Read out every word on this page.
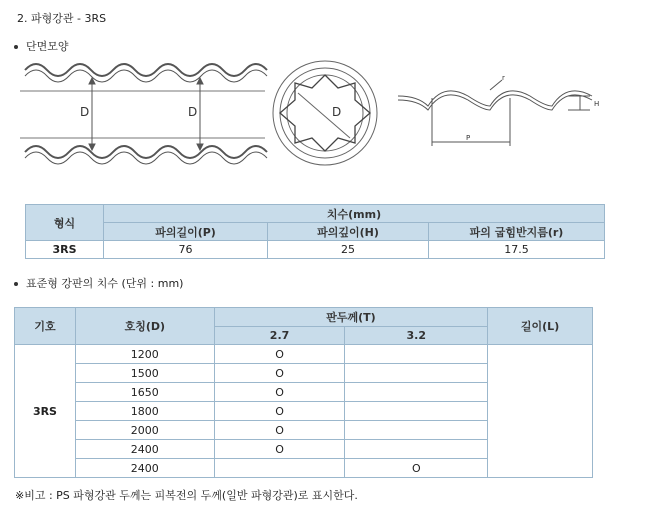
2. 파형강관 - 3RS
단면모양
D	D	D
P
H
r
형식	치수(mm)		
	파의길이(P)	파의깊이(H)	파의 굽힘반지름(r)
3RS	76	25	17.5
표준형 강판의 치수 (단위 : mm)
기호	호칭(D)	판두께(T)		길이(L)
		2.7	3.2	
3RS	1200	O		
	1500	O		
	1650	O		
	1800	O		
	2000	O		
	2400	O		
	2400		O	
※비고 : PS 파형강관 두께는 피복전의 두께(일반 파형강관)로 표시한다.
